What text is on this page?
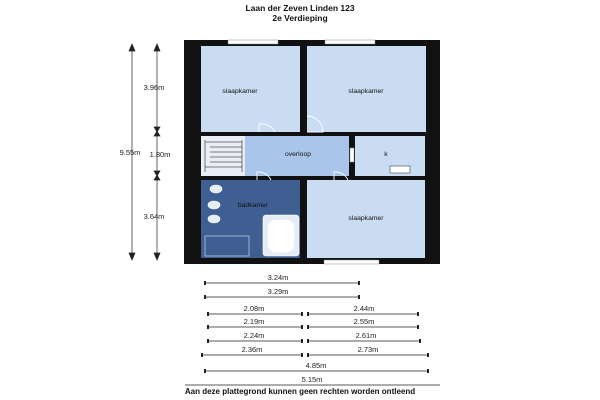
Laan der Zeven Linden 123
2e Verdieping
slaapkamer	slaapkamer
overloop	k
badkamer
slaapkamer
9.55m
3.96m
1.80m
3.64m
3.24m
3.29m
2.08m	2.44m
2.19m	2.55m
2.24m	2.61m
2.36m	2.73m
4.85m
5.15m
Aan deze plattegrond kunnen geen rechten worden ontleend
